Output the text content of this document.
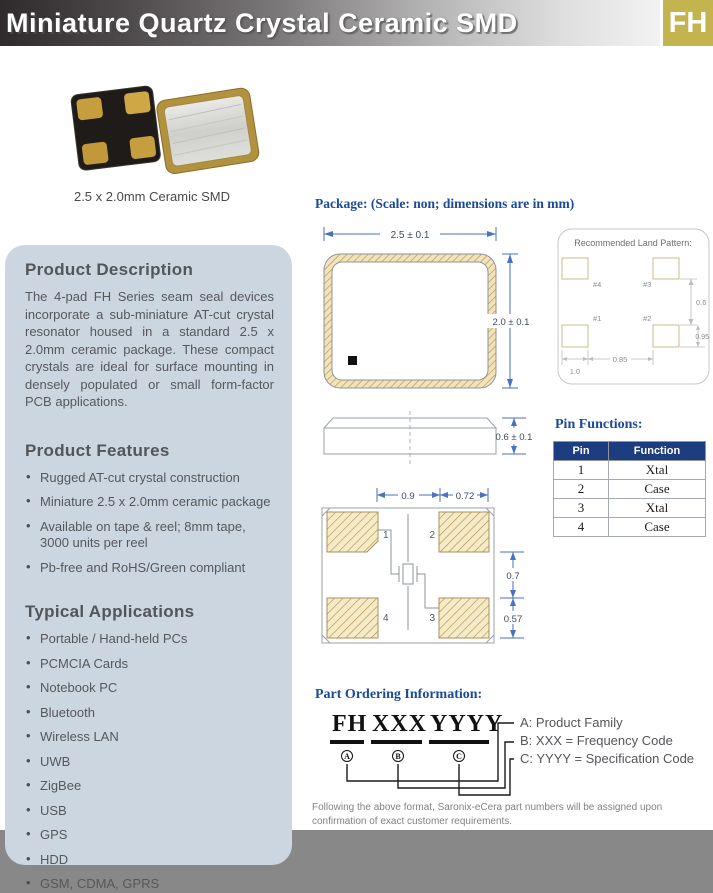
Miniature Quartz Crystal Ceramic SMD	FH
2.5 x 2.0mm Ceramic SMD
Product Description
The 4-pad FH Series seam seal devices incorporate a sub-miniature AT-cut crystal resonator housed in a standard 2.5 x 2.0mm ceramic package. These compact crystals are ideal for surface mounting in densely populated or small form-factor PCB applications.
Product Features
• Rugged AT-cut crystal construction
• Miniature 2.5 x 2.0mm ceramic package
• Available on tape & reel; 8mm tape, 3000 units per reel
• Pb-free and RoHS/Green compliant
Typical Applications
• Portable / Hand-held PCs
• PCMCIA Cards
• Notebook PC
• Bluetooth
• Wireless LAN
• UWB
• ZigBee
• USB
• GPS
• HDD
• GSM, CDMA, GPRS
Package: (Scale: non; dimensions are in mm)
2.5 ± 0.1
2.0 ± 0.1
0.6 ± 0.1
0.9	0.72
1	2
4	3
0.7
0.57
Recommended Land Pattern:
#4	#3
#1	#2
0.6
0.95
1.0
0.85
Pin Functions:
Pin	Function
1	Xtal
2	Case
3	Xtal
4	Case
Part Ordering Information:
FH XXX YYYY
A	B	C
A: Product Family
B: XXX = Frequency Code
C: YYYY = Specification Code
Following the above format, Saronix-eCera part numbers will be assigned upon confirmation of exact customer requirements.
